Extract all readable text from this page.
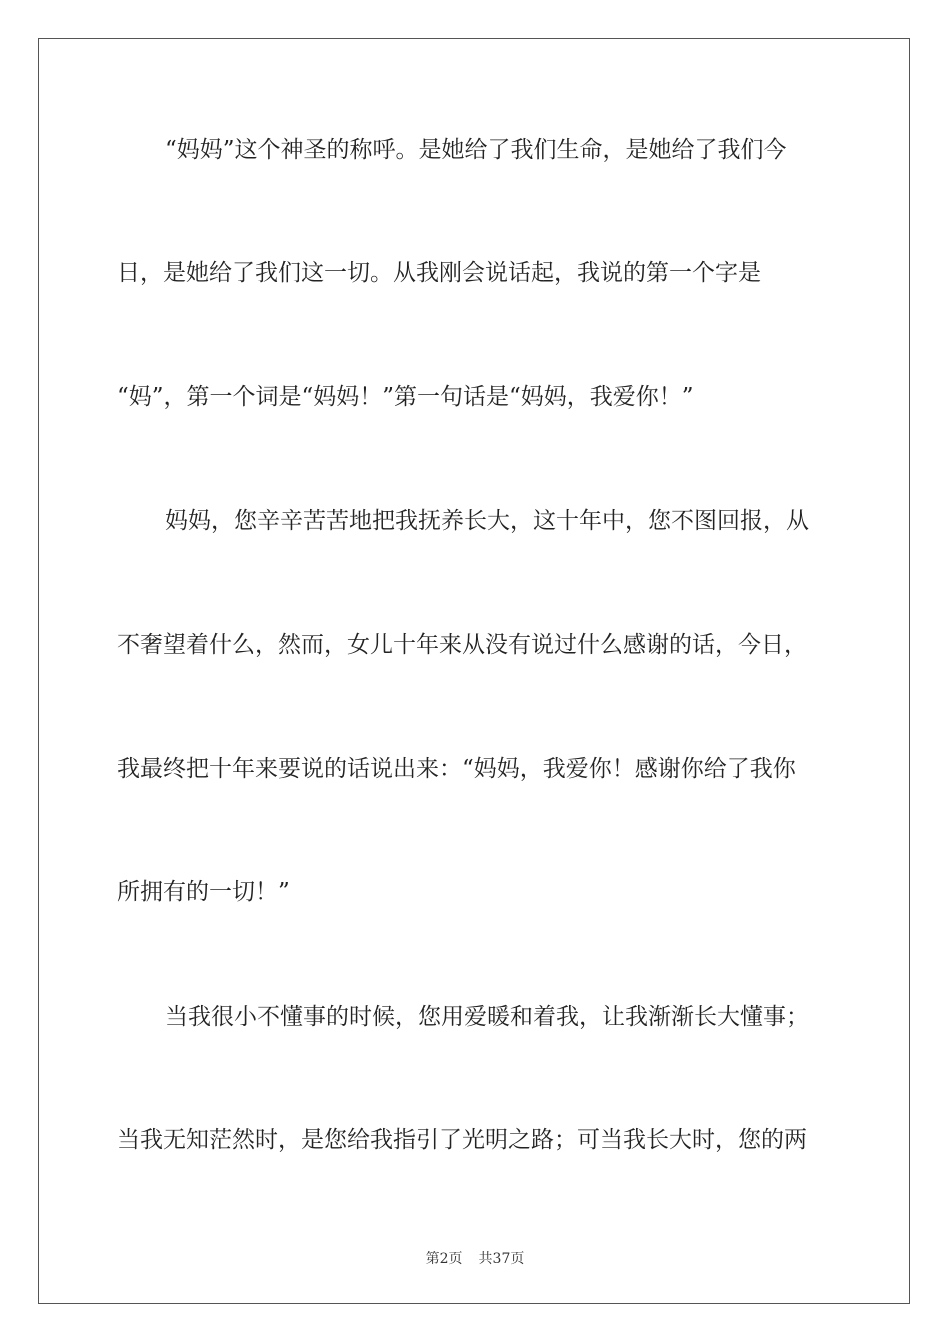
“妈妈”这个神圣的称呼。是她给了我们生命，是她给了我们今
日，是她给了我们这一切。从我刚会说话起，我说的第一个字是
“妈”，第一个词是“妈妈！”第一句话是“妈妈，我爱你！”
妈妈，您辛辛苦苦地把我抚养长大，这十年中，您不图回报，从
不奢望着什么，然而，女儿十年来从没有说过什么感谢的话，今日，
我最终把十年来要说的话说出来：“妈妈，我爱你！感谢你给了我你
所拥有的一切！”
当我很小不懂事的时候，您用爱暖和着我，让我渐渐长大懂事；
当我无知茫然时，是您给我指引了光明之路；可当我长大时，您的两
第2页 共37页
